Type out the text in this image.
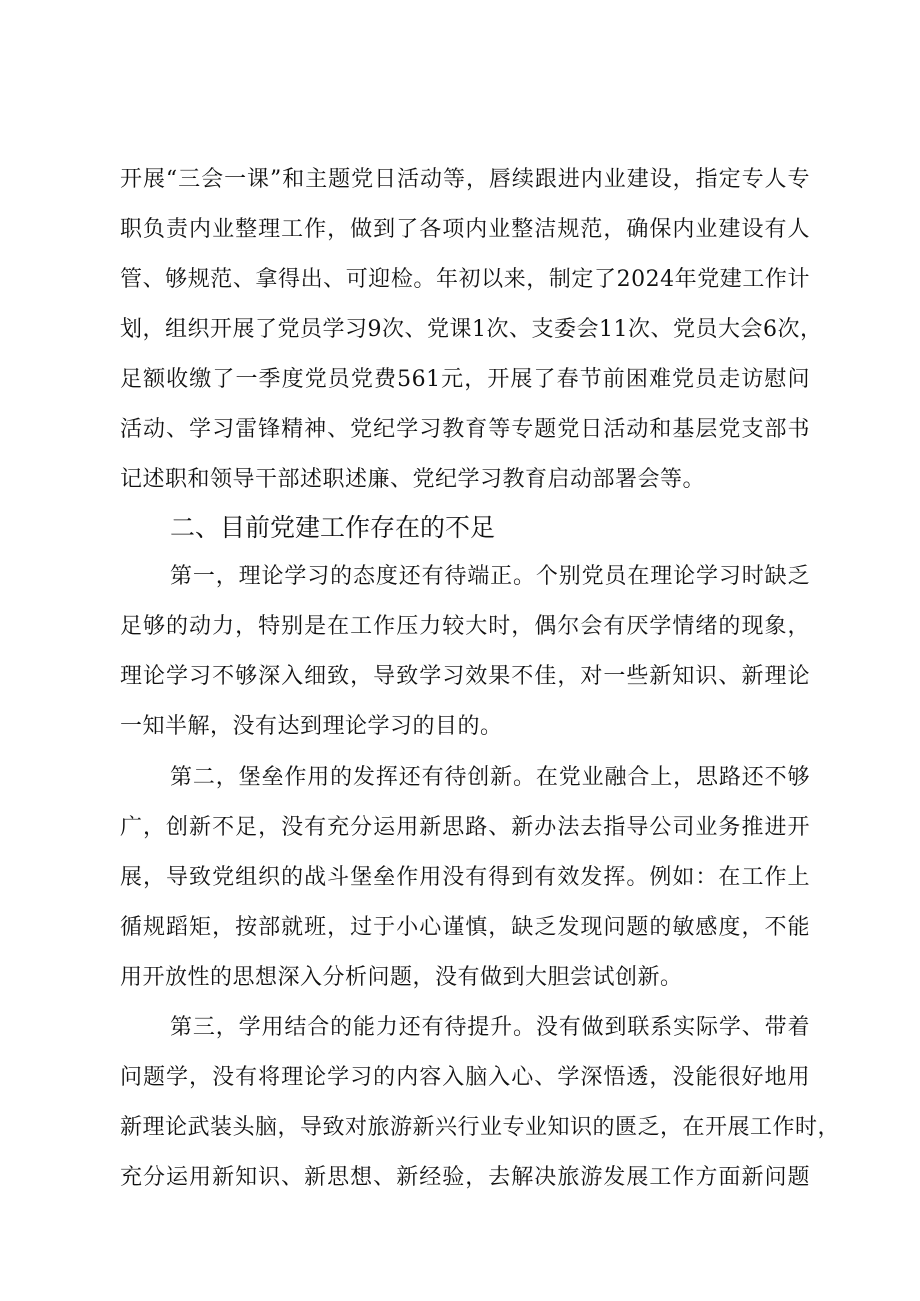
开展“三会一课”和主题党日活动等，唇续跟进内业建设，指定专人专
职负责内业整理工作，做到了各项内业整洁规范，确保内业建设有人
管、够规范、拿得出、可迎检。年初以来，制定了2024年党建工作计
划，组织开展了党员学习9次、党课1次、支委会11次、党员大会6次，
足额收缴了一季度党员党费561元，开展了春节前困难党员走访慰问
活动、学习雷锋精神、党纪学习教育等专题党日活动和基层党支部书
记述职和领导干部述职述廉、党纪学习教育启动部署会等。
二、目前党建工作存在的不足
第一，理论学习的态度还有待端正。个别党员在理论学习时缺乏
足够的动力，特别是在工作压力较大时，偶尔会有厌学情绪的现象，
理论学习不够深入细致，导致学习效果不佳，对一些新知识、新理论
一知半解，没有达到理论学习的目的。
第二，堡垒作用的发挥还有待创新。在党业融合上，思路还不够
广，创新不足，没有充分运用新思路、新办法去指导公司业务推进开
展，导致党组织的战斗堡垒作用没有得到有效发挥。例如：在工作上
循规蹈矩，按部就班，过于小心谨慎，缺乏发现问题的敏感度，不能
用开放性的思想深入分析问题，没有做到大胆尝试创新。
第三，学用结合的能力还有待提升。没有做到联系实际学、带着
问题学，没有将理论学习的内容入脑入心、学深悟透，没能很好地用
新理论武装头脑，导致对旅游新兴行业专业知识的匮乏，在开展工作时，
充分运用新知识、新思想、新经验，去解决旅游发展工作方面新问题
